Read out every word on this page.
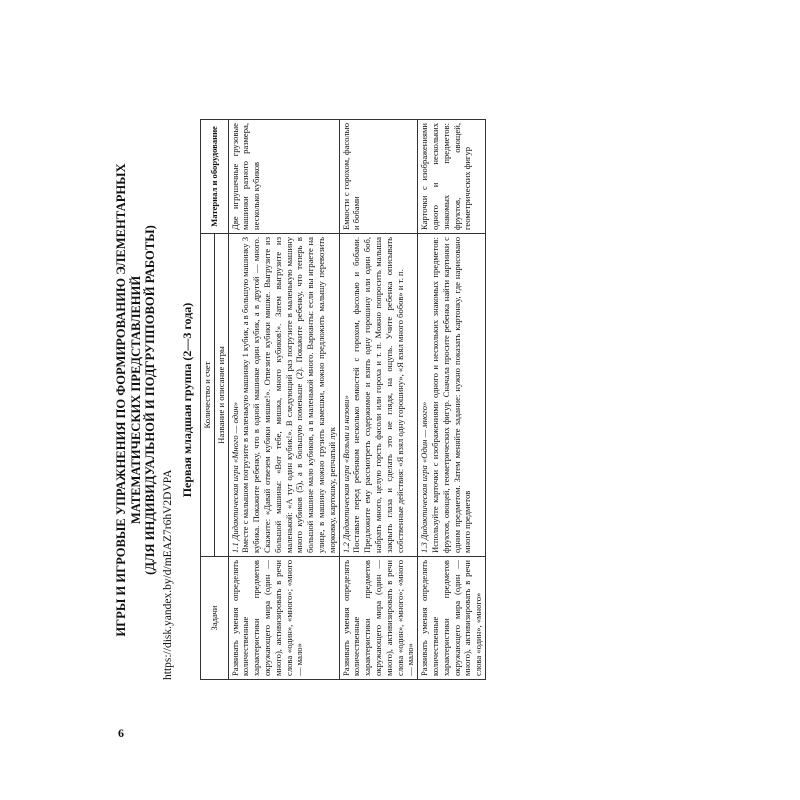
6
ИГРЫ И ИГРОВЫЕ УПРАЖНЕНИЯ ПО ФОРМИРОВАНИЮ ЭЛЕМЕНТАРНЫХ МАТЕМАТИЧЕСКИХ ПРЕДСТАВЛЕНИЙ (ДЛЯ ИНДИВИДУАЛЬНОЙ И ПОДГРУППОВОЙ РАБОТЫ) https://disk.yandex.by/d/mEAZ7r6hV2DVPA
Первая младшая группа (2—3 года)
Задачи	Количество и счет	Материал и оборудование
	Название и описание игры	
Развивать умения определять количественные характеристики предметов окружающего мира (один — много), активизировать в речи слова «один», «много»; «много — мало»	1.1 Дидактическая игра «Много — один» Вместе с малышом погрузите в маленькую машинку 1 кубик, а в большую машинку 3 кубика. Покажите ребенку, что в одной машинке один кубик, а в другой — много. Скажите: «Давай отвезем кубики мишке!». Отвезите кубики мишке. Выгрузите из большой машины: «Вот тебе, мишка, много кубиков!». Затем выгрузите из маленькой: «А тут один кубик!». В следующий раз погрузите в маленькую машину много кубиков (5), а в большую поменьше (2). Покажите ребенку, что теперь в большой машине мало кубиков, а в маленькой много. Варианты: если вы играете на улице, в машину можно грузить камешки, можно предложить малышу перевозить морковку, картошку, репчатый лук	Две игрушечные грузовые машинки разного размера, несколько кубиков
Развивать умения определять количественные характеристики предметов окружающего мира (один — много), активизировать в речи слова «один», «много»; «много — мало»	1.2 Дидактическая игра «Возьми и назови» Поставьте перед ребенком несколько емкостей с горохом, фасолью и бобами. Предложите ему рассмотреть содержимое и взять одну горошину или один боб, набрать много, целую горсть фасоли или гороха и т. п. Можно попросить малыша закрыть глаза и сделать это не глядя, на ощупь. Учите ребенка описывать собственные действия: «Я взял одну горошину», «Я взял много бобов» и т. п.	Емкости с горохом, фасолью и бобами
Развивать умения определять количественные характеристики предметов окружающего мира (один — много), активизировать в речи слова «один», «много»	1.3 Дидактическая игра «Один — много» Используйте карточки с изображениями одного и нескольких знакомых предметов: фруктов, овощей, геометрических фигур. Сначала просите ребенка найти картинки с одним предметом. Затем меняйте задание: нужно показать картонку, где нарисовано много предметов	Карточки с изображениями одного и нескольких знакомых предметов: фруктов, овощей, геометрических фигур
